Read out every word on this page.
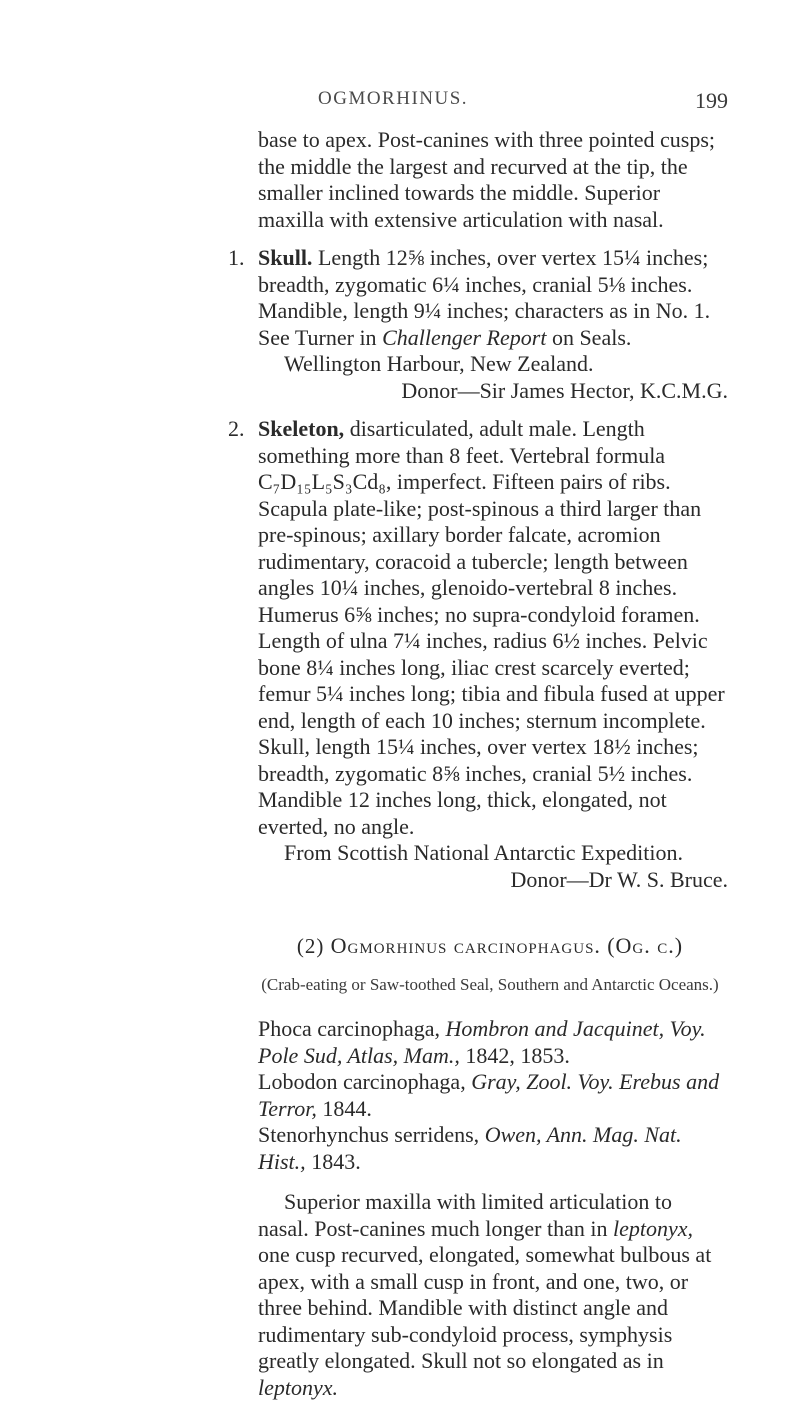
OGMORHINUS.	199

base to apex. Post-canines with three pointed cusps; the middle the largest and recurved at the tip, the smaller inclined towards the middle. Superior maxilla with extensive articulation with nasal.

1. Skull. Length 12⅝ inches, over vertex 15¼ inches; breadth, zygomatic 6¼ inches, cranial 5⅛ inches. Mandible, length 9¼ inches; characters as in No. 1. See Turner in Challenger Report on Seals.

Wellington Harbour, New Zealand.

Donor—Sir James Hector, K.C.M.G.

2. Skeleton, disarticulated, adult male. Length something more than 8 feet. Vertebral formula C₇D₁₅L₅S₃Cd₈, imperfect. Fifteen pairs of ribs. Scapula plate-like; post-spinous a third larger than pre-spinous; axillary border falcate, acromion rudimentary, coracoid a tubercle; length between angles 10¼ inches, glenoido-vertebral 8 inches. Humerus 6⅝ inches; no supra-condyloid foramen. Length of ulna 7¼ inches, radius 6½ inches. Pelvic bone 8¼ inches long, iliac crest scarcely everted; femur 5¼ inches long; tibia and fibula fused at upper end, length of each 10 inches; sternum incomplete. Skull, length 15¼ inches, over vertex 18½ inches; breadth, zygomatic 8⅝ inches, cranial 5½ inches. Mandible 12 inches long, thick, elongated, not everted, no angle.

From Scottish National Antarctic Expedition.

Donor—Dr W. S. Bruce.

(2) Ogmorhinus carcinophagus. (Og. c.)
(Crab-eating or Saw-toothed Seal, Southern and Antarctic Oceans.)

Phoca carcinophaga, Hombron and Jacquinet, Voy. Pole Sud, Atlas, Mam., 1842, 1853.

Lobodon carcinophaga, Gray, Zool. Voy. Erebus and Terror, 1844.

Stenorhynchus serridens, Owen, Ann. Mag. Nat. Hist., 1843.

Superior maxilla with limited articulation to nasal. Post-canines much longer than in leptonyx, one cusp recurved, elongated, somewhat bulbous at apex, with a small cusp in front, and one, two, or three behind. Mandible with distinct angle and rudimentary sub-condyloid process, symphysis greatly elongated. Skull not so elongated as in leptonyx.
